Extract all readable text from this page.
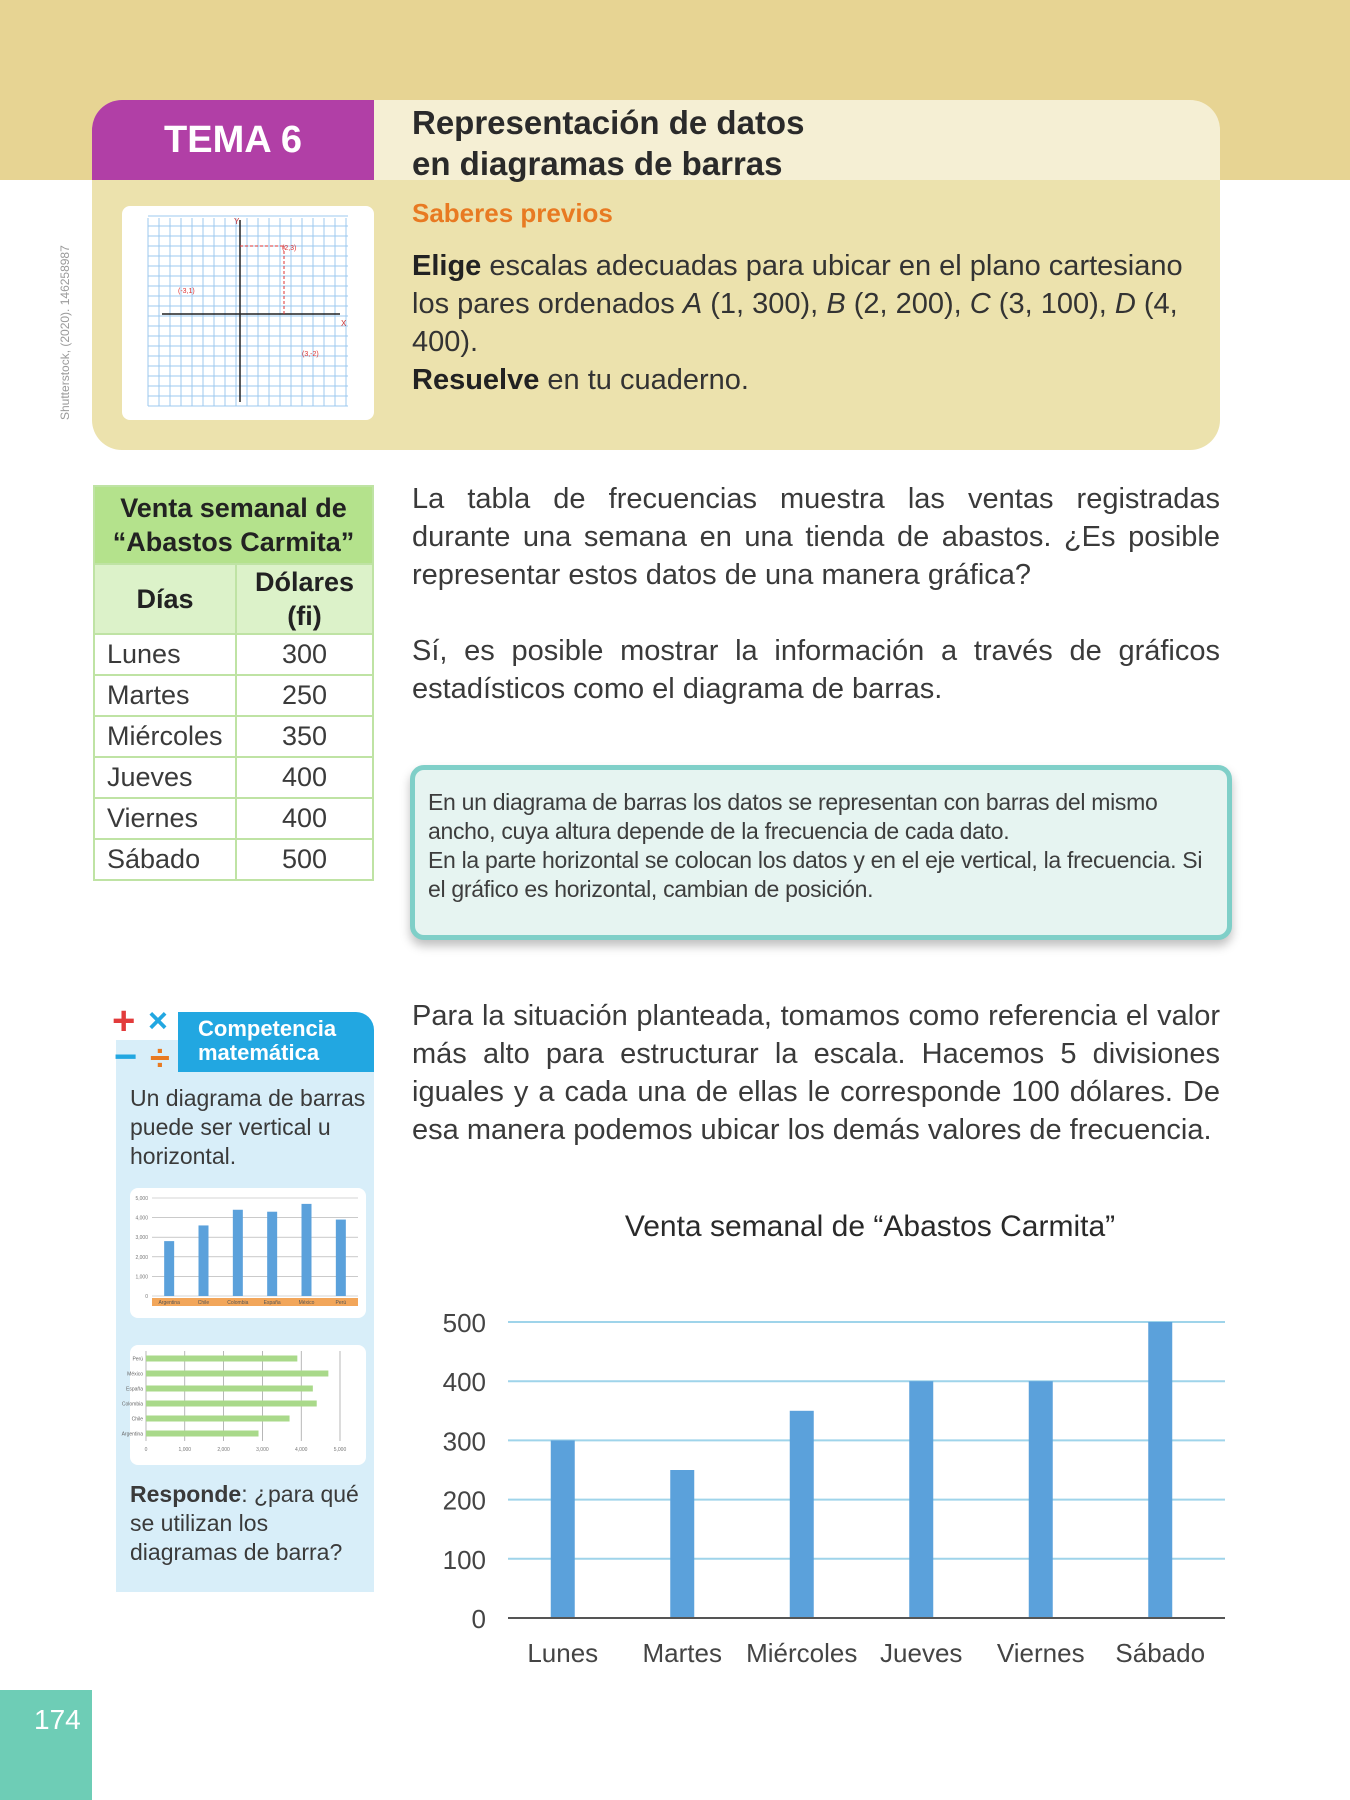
TEMA 6	Representación de datos
en diagramas de barras
Saberes previos
Elige escalas adecuadas para ubicar en el plano cartesiano los pares ordenados A (1, 300), B (2, 200), C (3, 100), D (4, 400).
Resuelve en tu cuaderno.
X
Y
(2,3)
(-3,1)
(3,-2)
Shutterstock, (2020). 146258987
Venta semanal de “Abastos Carmita”	
Días	Dólares (fi)
Lunes	300
Martes	250
Miércoles	350
Jueves	400
Viernes	400
Sábado	500
La tabla de frecuencias muestra las ventas registradas durante una semana en una tienda de abastos. ¿Es posible representar estos datos de una manera gráfica?
Sí, es posible mostrar la información a través de gráficos estadísticos como el diagrama de barras.
En un diagrama de barras los datos se representan con barras del mismo ancho, cuya altura depende de la frecuencia de cada dato.
En la parte horizontal se colocan los datos y en el eje vertical, la frecuencia. Si el gráfico es horizontal, cambian de posición.
+ ×
− ÷
Competencia
matemática
Un diagrama de barras puede ser vertical u horizontal.
0
1,000
2,000
3,000
4,000
5,000
Argentina	Chile	Colombia	España	México	Perú
0	1,000	2,000	3,000	4,000	5,000
Argentina
Chile
Colombia
España
México
Perú
Responde: ¿para qué se utilizan los diagramas de barra?
Para la situación planteada, tomamos como referencia el valor más alto para estructurar la escala. Hacemos 5 divisiones iguales y a cada una de ellas le corresponde 100 dólares. De esa manera podemos ubicar los demás valores de frecuencia.
Venta semanal de “Abastos Carmita”
0
100
200
300
400
500
Lunes Martes Miércoles Jueves Viernes Sábado
174
